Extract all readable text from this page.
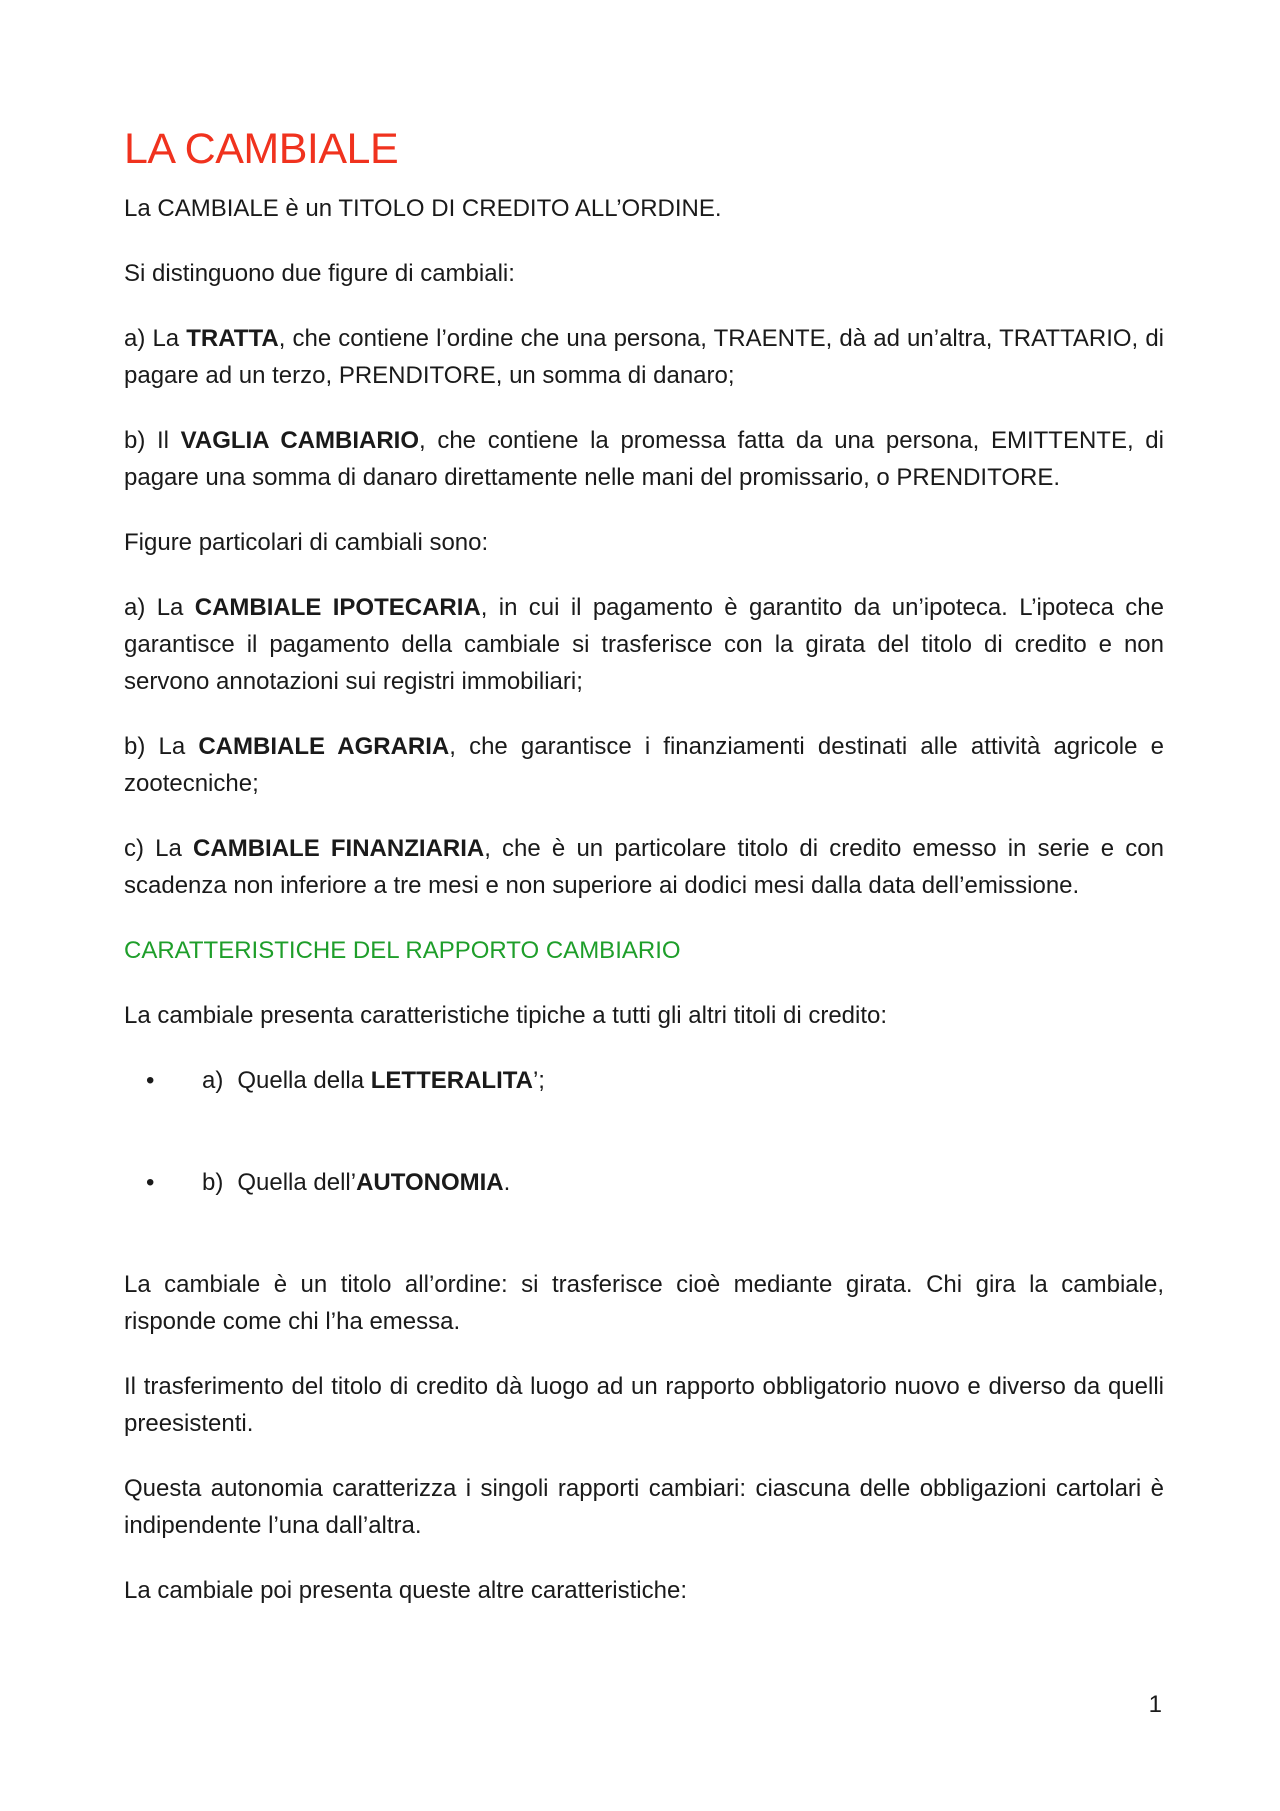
LA CAMBIALE

La CAMBIALE è un TITOLO DI CREDITO ALL’ORDINE.

Si distinguono due figure di cambiali:

a) La TRATTA, che contiene l’ordine che una persona, TRAENTE, dà ad un’altra, TRATTARIO, di pagare ad un terzo, PRENDITORE, un somma di danaro;

b) Il VAGLIA CAMBIARIO, che contiene la promessa fatta da una persona, EMITTENTE, di pagare una somma di danaro direttamente nelle mani del promissario, o PRENDITORE.

Figure particolari di cambiali sono:

a) La CAMBIALE IPOTECARIA, in cui il pagamento è garantito da un’ipoteca. L’ipoteca che garantisce il pagamento della cambiale si trasferisce con la girata del titolo di credito e non servono annotazioni sui registri immobiliari;

b) La CAMBIALE AGRARIA, che garantisce i finanziamenti destinati alle attività agricole e zootecniche;

c) La CAMBIALE FINANZIARIA, che è un particolare titolo di credito emesso in serie e con scadenza non inferiore a tre mesi e non superiore ai dodici mesi dalla data dell’emissione.

CARATTERISTICHE DEL RAPPORTO CAMBIARIO

La cambiale presenta caratteristiche tipiche a tutti gli altri titoli di credito:

• a) Quella della LETTERALITA’;
• b) Quella dell’AUTONOMIA.

La cambiale è un titolo all’ordine: si trasferisce cioè mediante girata. Chi gira la cambiale, risponde come chi l’ha emessa.

Il trasferimento del titolo di credito dà luogo ad un rapporto obbligatorio nuovo e diverso da quelli preesistenti.

Questa autonomia caratterizza i singoli rapporti cambiari: ciascuna delle obbligazioni cartolari è indipendente l’una dall’altra.

La cambiale poi presenta queste altre caratteristiche:

1
